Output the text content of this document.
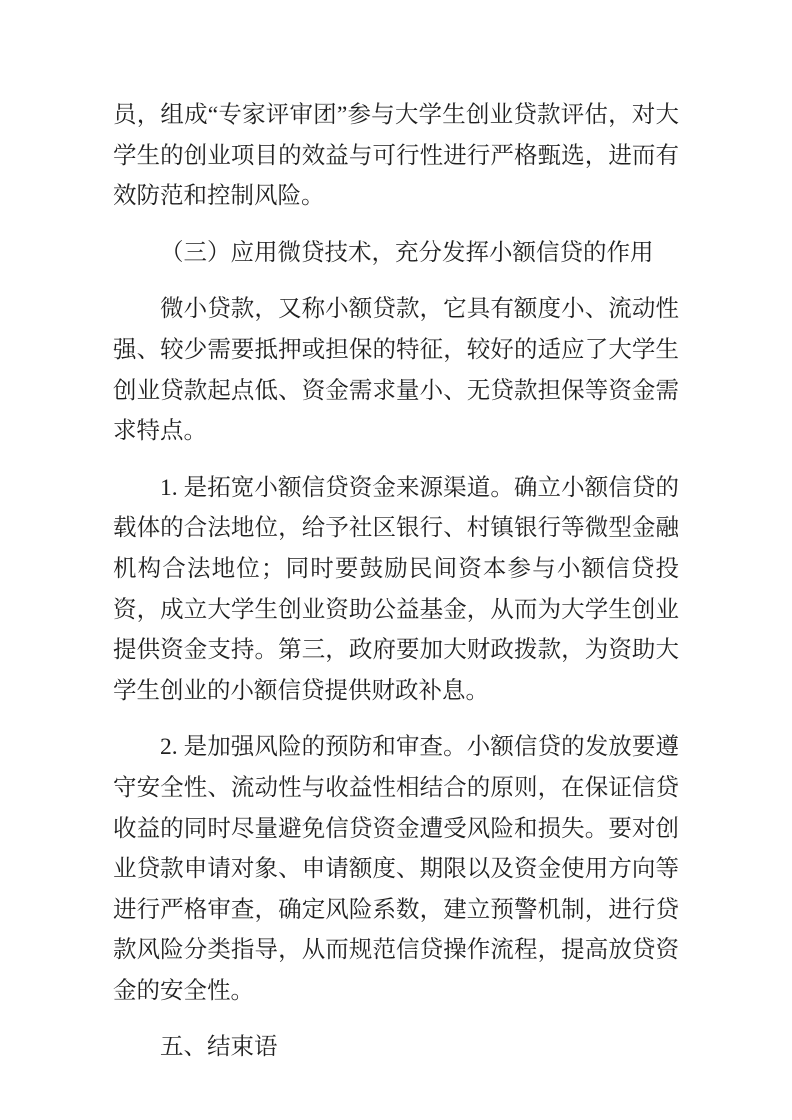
员，组成“专家评审团”参与大学生创业贷款评估，对大学生的创业项目的效益与可行性进行严格甄选，进而有效防范和控制风险。
（三）应用微贷技术，充分发挥小额信贷的作用
微小贷款，又称小额贷款，它具有额度小、流动性强、较少需要抵押或担保的特征，较好的适应了大学生创业贷款起点低、资金需求量小、无贷款担保等资金需求特点。
1. 是拓宽小额信贷资金来源渠道。确立小额信贷的载体的合法地位，给予社区银行、村镇银行等微型金融机构合法地位；同时要鼓励民间资本参与小额信贷投资，成立大学生创业资助公益基金，从而为大学生创业提供资金支持。第三，政府要加大财政拨款，为资助大学生创业的小额信贷提供财政补息。
2. 是加强风险的预防和审查。小额信贷的发放要遵守安全性、流动性与收益性相结合的原则，在保证信贷收益的同时尽量避免信贷资金遭受风险和损失。要对创业贷款申请对象、申请额度、期限以及资金使用方向等进行严格审查，确定风险系数，建立预警机制，进行贷款风险分类指导，从而规范信贷操作流程，提高放贷资金的安全性。
五、结束语
